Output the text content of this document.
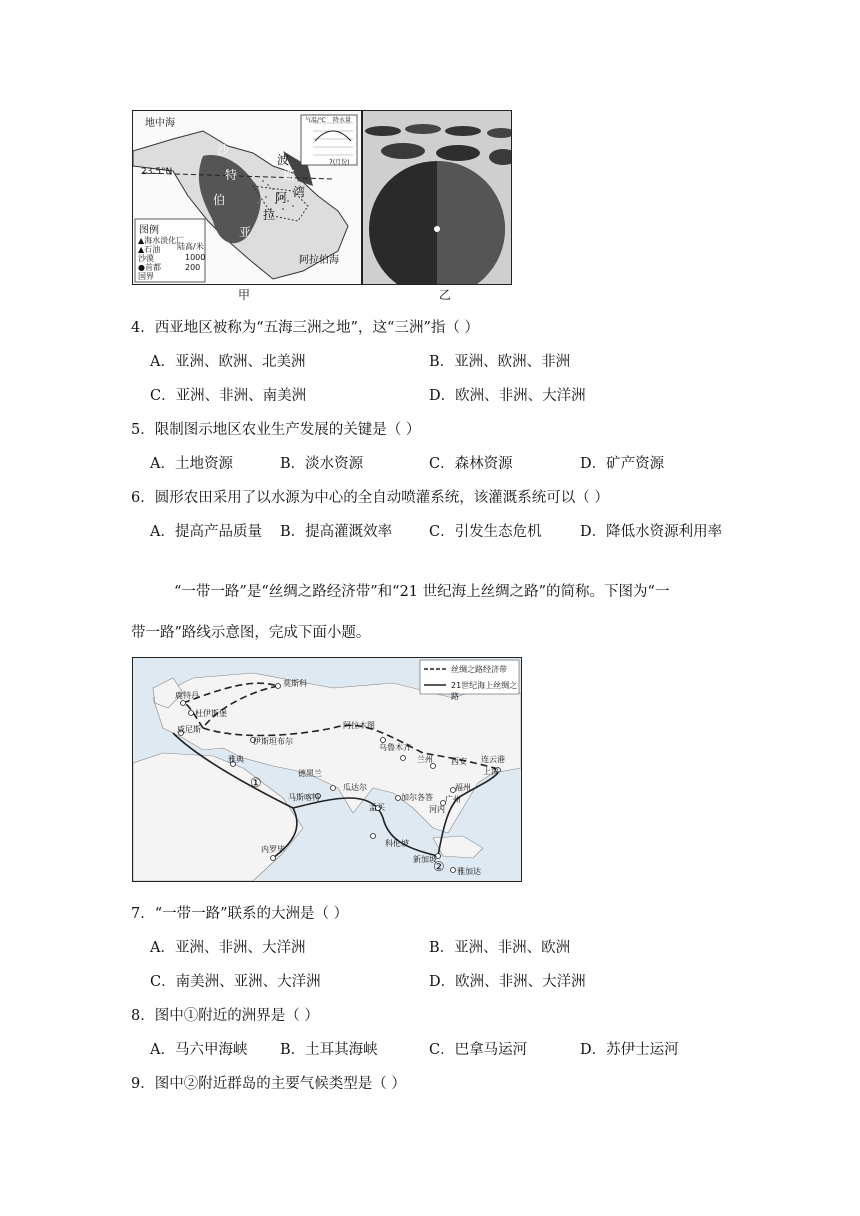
地中海
23.5°N
沙
特
伯
波
斯
湾
阿
拉
亚
阿拉伯海
气温/℃ 降水量
7(月份)
图例
▲海水淡化厂
▲石油
沙漠
●首都
国界
陆高/米
1000
200
甲	乙
4．西亚地区被称为“五海三洲之地”，这“三洲”指（ ）
A．亚洲、欧洲、北美洲	B．亚洲、欧洲、非洲
C．亚洲、非洲、南美洲	D．欧洲、非洲、大洋洲
5．限制图示地区农业生产发展的关键是（ ）
A．土地资源	B．淡水资源	C．森林资源	D．矿产资源
6．圆形农田采用了以水源为中心的全自动喷灌系统，该灌溉系统可以（ ）
A．提高产品质量 B．提高灌溉效率	C．引发生态危机	D．降低水资源利用率
“一带一路”是“丝绸之路经济带”和“21 世纪海上丝绸之路”的简称。下图为“一
带一路”路线示意图，完成下面小题。
丝绸之路经济带
21世纪海上丝绸之路
莫斯科
鹿特丹
杜伊斯堡
伊斯坦布尔
威尼斯
雅典
德黑兰
阿拉木图
乌鲁木齐
兰州 西安 连云港
上海
福州
广州
河内
瓜达尔
马斯喀特	加尔各答
孟买
科伦坡
内罗毕
新加坡
雅加达
①
②
7．“一带一路”联系的大洲是（ ）
A．亚洲、非洲、大洋洲	B．亚洲、非洲、欧洲
C．南美洲、亚洲、大洋洲	D．欧洲、非洲、大洋洲
8．图中①附近的洲界是（ ）
A．马六甲海峡 B．土耳其海峡	C．巴拿马运河	D．苏伊士运河
9．图中②附近群岛的主要气候类型是（ ）
